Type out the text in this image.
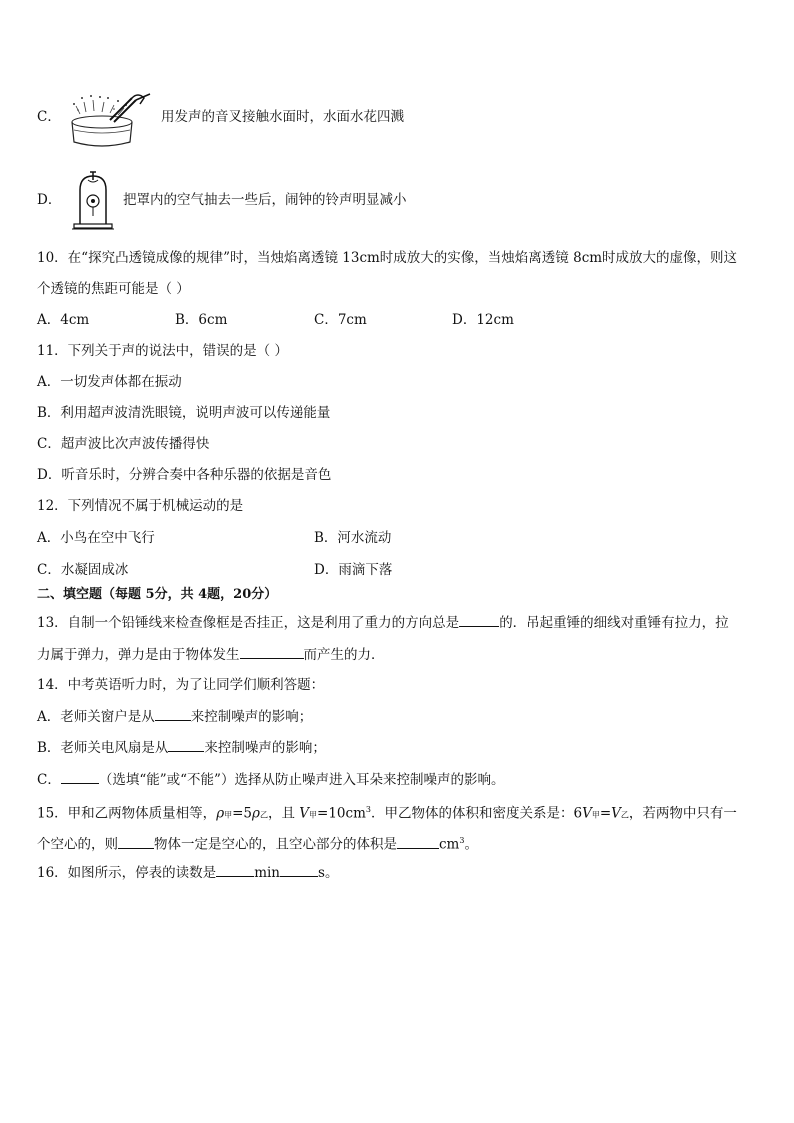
C．	用发声的音叉接触水面时，水面水花四溅
D．	把罩内的空气抽去一些后，闹钟的铃声明显减小
10．在“探究凸透镜成像的规律”时，当烛焰离透镜 13cm时成放大的实像，当烛焰离透镜 8cm时成放大的虚像，则这
个透镜的焦距可能是（ ）
A．4cm	B．6cm	C．7cm	D．12cm
11．下列关于声的说法中，错误的是（ ）
A．一切发声体都在振动
B．利用超声波清洗眼镜，说明声波可以传递能量
C．超声波比次声波传播得快
D．听音乐时，分辨合奏中各种乐器的依据是音色
12．下列情况不属于机械运动的是
A．小鸟在空中飞行	B．河水流动
C．水凝固成冰	D．雨滴下落
二、填空题（每题 5分，共 4题，20分）
13．自制一个铅锤线来检查像框是否挂正，这是利用了重力的方向总是	的．吊起重锤的细线对重锤有拉力，拉
力属于弹力，弹力是由于物体发生	而产生的力．
14．中考英语听力时，为了让同学们顺利答题：
A．老师关窗户是从	来控制噪声的影响；
B．老师关电风扇是从	来控制噪声的影响；
C．	（选填“能”或“不能”）选择从防止噪声进入耳朵来控制噪声的影响。
15．甲和乙两物体质量相等，ρ甲=5ρ乙，且 V甲$=10cm^3$．甲乙物体的体积和密度关系是：6V甲=V乙，若两物中只有一
个空心的，则	物体一定是空心的，且空心部分的体积是	$cm^3$。
16．如图所示，停表的读数是	min	s。
